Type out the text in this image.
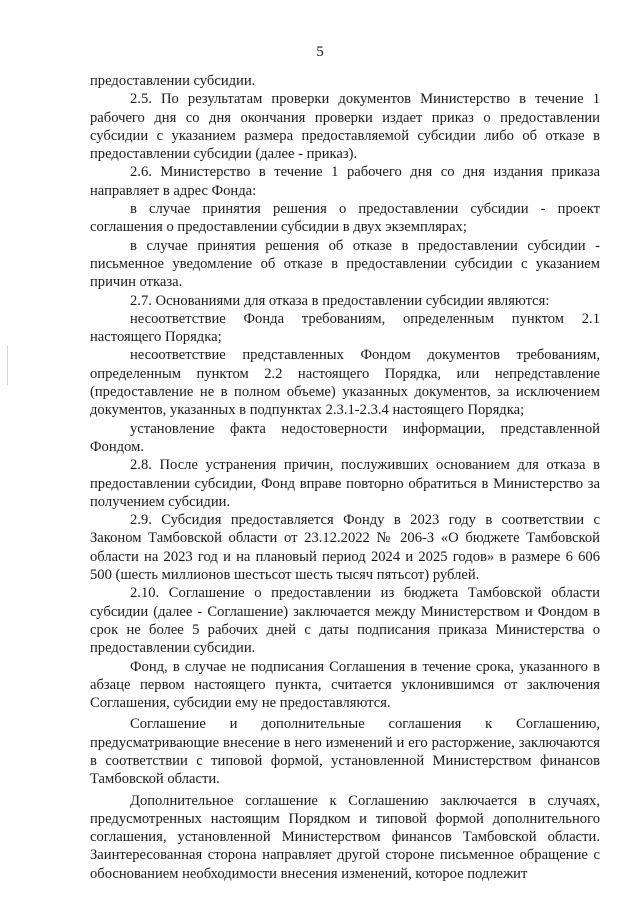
5

предоставлении субсидии.

2.5. По результатам проверки документов Министерство в течение 1 рабочего дня со дня окончания проверки издает приказ о предоставлении субсидии с указанием размера предоставляемой субсидии либо об отказе в предоставлении субсидии (далее - приказ).

2.6. Министерство в течение 1 рабочего дня со дня издания приказа направляет в адрес Фонда:

в случае принятия решения о предоставлении субсидии - проект соглашения о предоставлении субсидии в двух экземплярах;

в случае принятия решения об отказе в предоставлении субсидии - письменное уведомление об отказе в предоставлении субсидии с указанием причин отказа.

2.7. Основаниями для отказа в предоставлении субсидии являются:

несоответствие Фонда требованиям, определенным пунктом 2.1 настоящего Порядка;

несоответствие представленных Фондом документов требованиям, определенным пунктом 2.2 настоящего Порядка, или непредставление (предоставление не в полном объеме) указанных документов, за исключением документов, указанных в подпунктах 2.3.1-2.3.4 настоящего Порядка;

установление факта недостоверности информации, представленной Фондом.

2.8. После устранения причин, послуживших основанием для отказа в предоставлении субсидии, Фонд вправе повторно обратиться в Министерство за получением субсидии.

2.9. Субсидия предоставляется Фонду в 2023 году в соответствии с Законом Тамбовской области от 23.12.2022 № 206-З «О бюджете Тамбовской области на 2023 год и на плановый период 2024 и 2025 годов» в размере 6 606 500 (шесть миллионов шестьсот шесть тысяч пятьсот) рублей.

2.10. Соглашение о предоставлении из бюджета Тамбовской области субсидии (далее - Соглашение) заключается между Министерством и Фондом в срок не более 5 рабочих дней с даты подписания приказа Министерства о предоставлении субсидии.

Фонд, в случае не подписания Соглашения в течение срока, указанного в абзаце первом настоящего пункта, считается уклонившимся от заключения Соглашения, субсидии ему не предоставляются.

Соглашение и дополнительные соглашения к Соглашению, предусматривающие внесение в него изменений и его расторжение, заключаются в соответствии с типовой формой, установленной Министерством финансов Тамбовской области.

Дополнительное соглашение к Соглашению заключается в случаях, предусмотренных настоящим Порядком и типовой формой дополнительного соглашения, установленной Министерством финансов Тамбовской области. Заинтересованная сторона направляет другой стороне письменное обращение с обоснованием необходимости внесения изменений, которое подлежит
